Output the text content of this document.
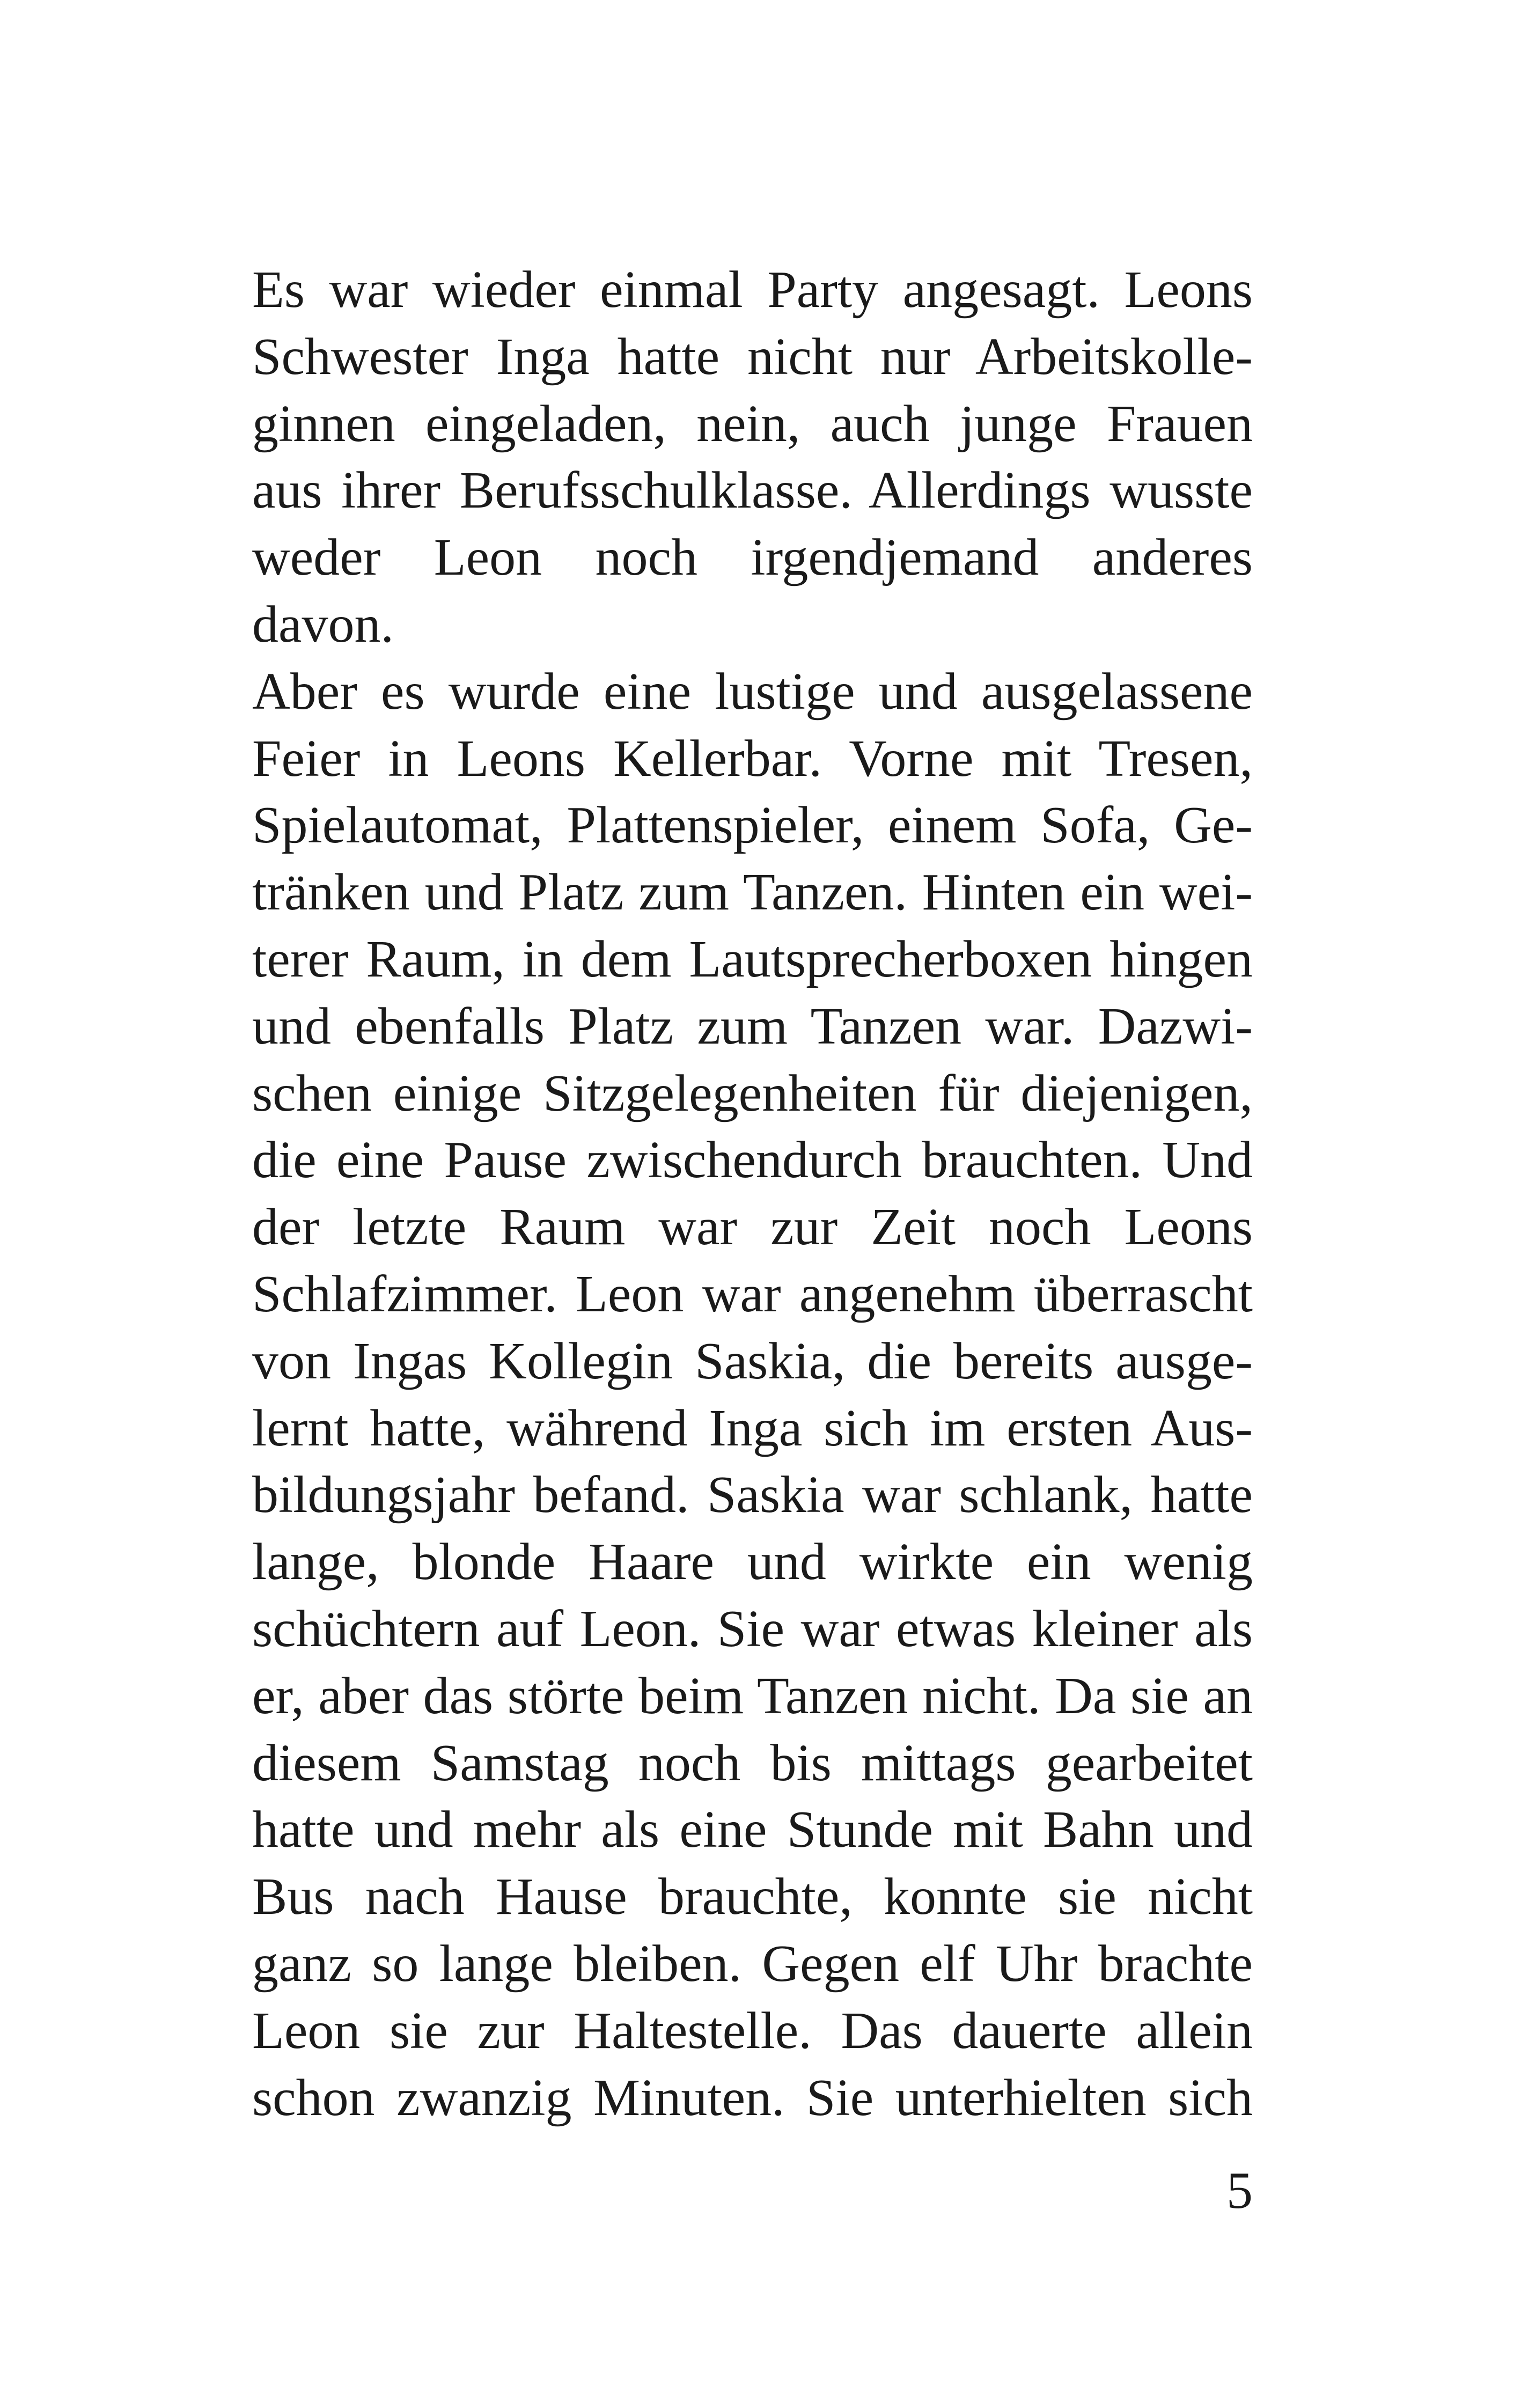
Es war wieder einmal Party angesagt. Leons
Schwester Inga hatte nicht nur Arbeitskolle-
ginnen eingeladen, nein, auch junge Frauen
aus ihrer Berufsschulklasse. Allerdings wusste
weder Leon noch irgendjemand anderes
davon.
Aber es wurde eine lustige und ausgelassene
Feier in Leons Kellerbar. Vorne mit Tresen,
Spielautomat, Plattenspieler, einem Sofa, Ge-
tränken und Platz zum Tanzen. Hinten ein wei-
terer Raum, in dem Lautsprecherboxen hingen
und ebenfalls Platz zum Tanzen war. Dazwi-
schen einige Sitzgelegenheiten für diejenigen,
die eine Pause zwischendurch brauchten. Und
der letzte Raum war zur Zeit noch Leons
Schlafzimmer. Leon war angenehm überrascht
von Ingas Kollegin Saskia, die bereits ausge-
lernt hatte, während Inga sich im ersten Aus-
bildungsjahr befand. Saskia war schlank, hatte
lange, blonde Haare und wirkte ein wenig
schüchtern auf Leon. Sie war etwas kleiner als
er, aber das störte beim Tanzen nicht. Da sie an
diesem Samstag noch bis mittags gearbeitet
hatte und mehr als eine Stunde mit Bahn und
Bus nach Hause brauchte, konnte sie nicht
ganz so lange bleiben. Gegen elf Uhr brachte
Leon sie zur Haltestelle. Das dauerte allein
schon zwanzig Minuten. Sie unterhielten sich
5
